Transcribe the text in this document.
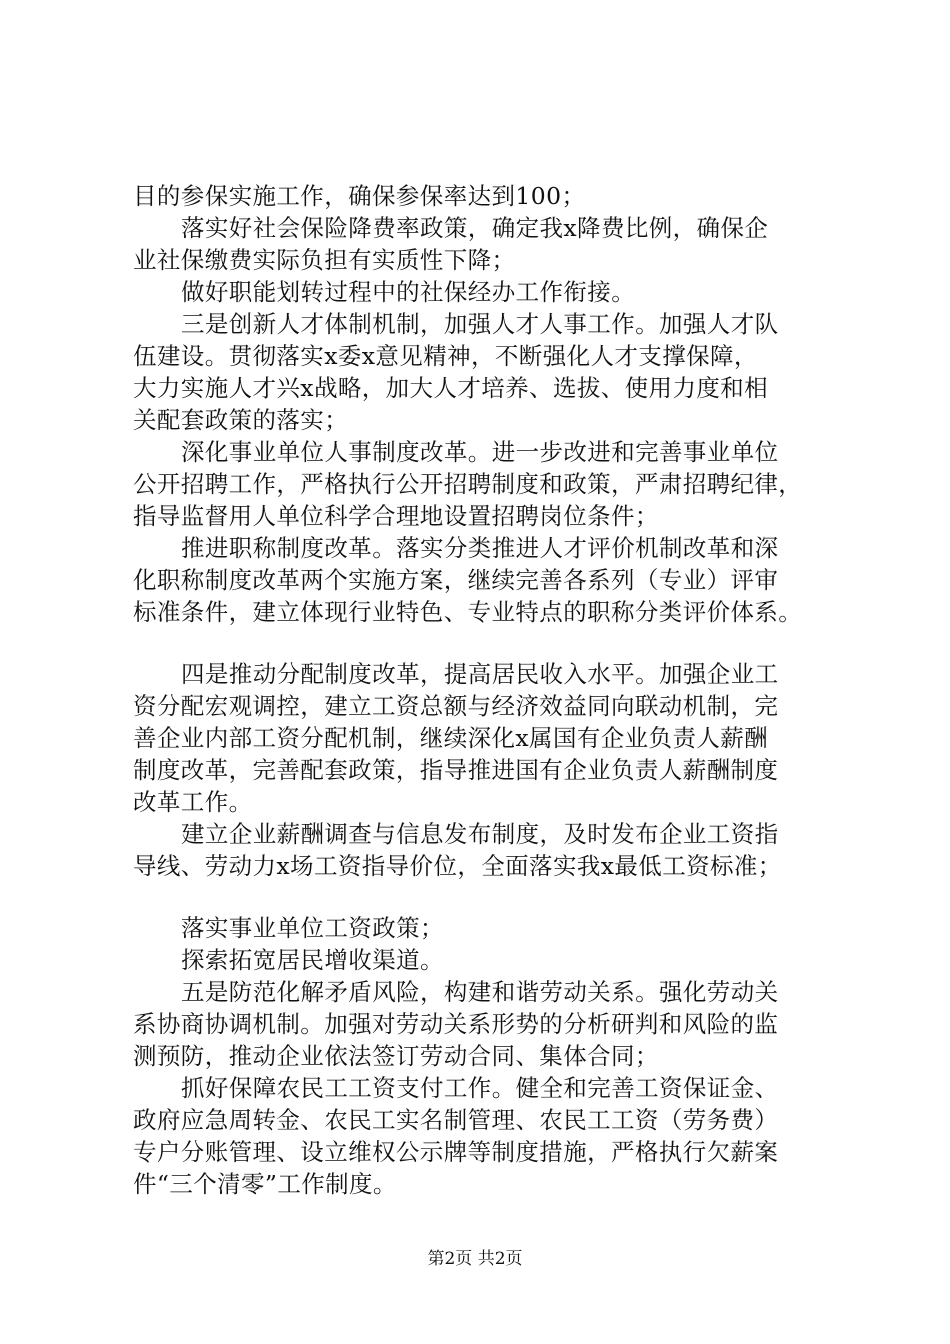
目的参保实施工作，确保参保率达到100；
落实好社会保险降费率政策，确定我x降费比例，确保企
业社保缴费实际负担有实质性下降；
做好职能划转过程中的社保经办工作衔接。
三是创新人才体制机制，加强人才人事工作。加强人才队
伍建设。贯彻落实x委x意见精神，不断强化人才支撑保障，
大力实施人才兴x战略，加大人才培养、选拔、使用力度和相
关配套政策的落实；
深化事业单位人事制度改革。进一步改进和完善事业单位
公开招聘工作，严格执行公开招聘制度和政策，严肃招聘纪律，
指导监督用人单位科学合理地设置招聘岗位条件；
推进职称制度改革。落实分类推进人才评价机制改革和深
化职称制度改革两个实施方案，继续完善各系列（专业）评审
标准条件，建立体现行业特色、专业特点的职称分类评价体系。
四是推动分配制度改革，提高居民收入水平。加强企业工
资分配宏观调控，建立工资总额与经济效益同向联动机制，完
善企业内部工资分配机制，继续深化x属国有企业负责人薪酬
制度改革，完善配套政策，指导推进国有企业负责人薪酬制度
改革工作。
建立企业薪酬调查与信息发布制度，及时发布企业工资指
导线、劳动力x场工资指导价位，全面落实我x最低工资标准；
落实事业单位工资政策；
探索拓宽居民增收渠道。
五是防范化解矛盾风险，构建和谐劳动关系。强化劳动关
系协商协调机制。加强对劳动关系形势的分析研判和风险的监
测预防，推动企业依法签订劳动合同、集体合同；
抓好保障农民工工资支付工作。健全和完善工资保证金、
政府应急周转金、农民工实名制管理、农民工工资（劳务费）
专户分账管理、设立维权公示牌等制度措施，严格执行欠薪案
件“三个清零”工作制度。
第2页 共2页
